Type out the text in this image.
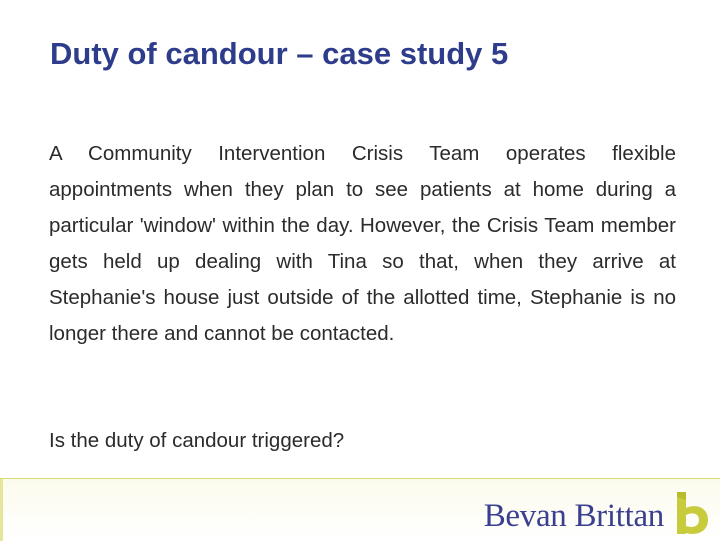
Duty of candour – case study 5

A Community Intervention Crisis Team operates flexible appointments when they plan to see patients at home during a particular 'window' within the day. However, the Crisis Team member gets held up dealing with Tina so that, when they arrive at Stephanie's house just outside of the allotted time, Stephanie is no longer there and cannot be contacted.

Is the duty of candour triggered?

Bevan Brittan
